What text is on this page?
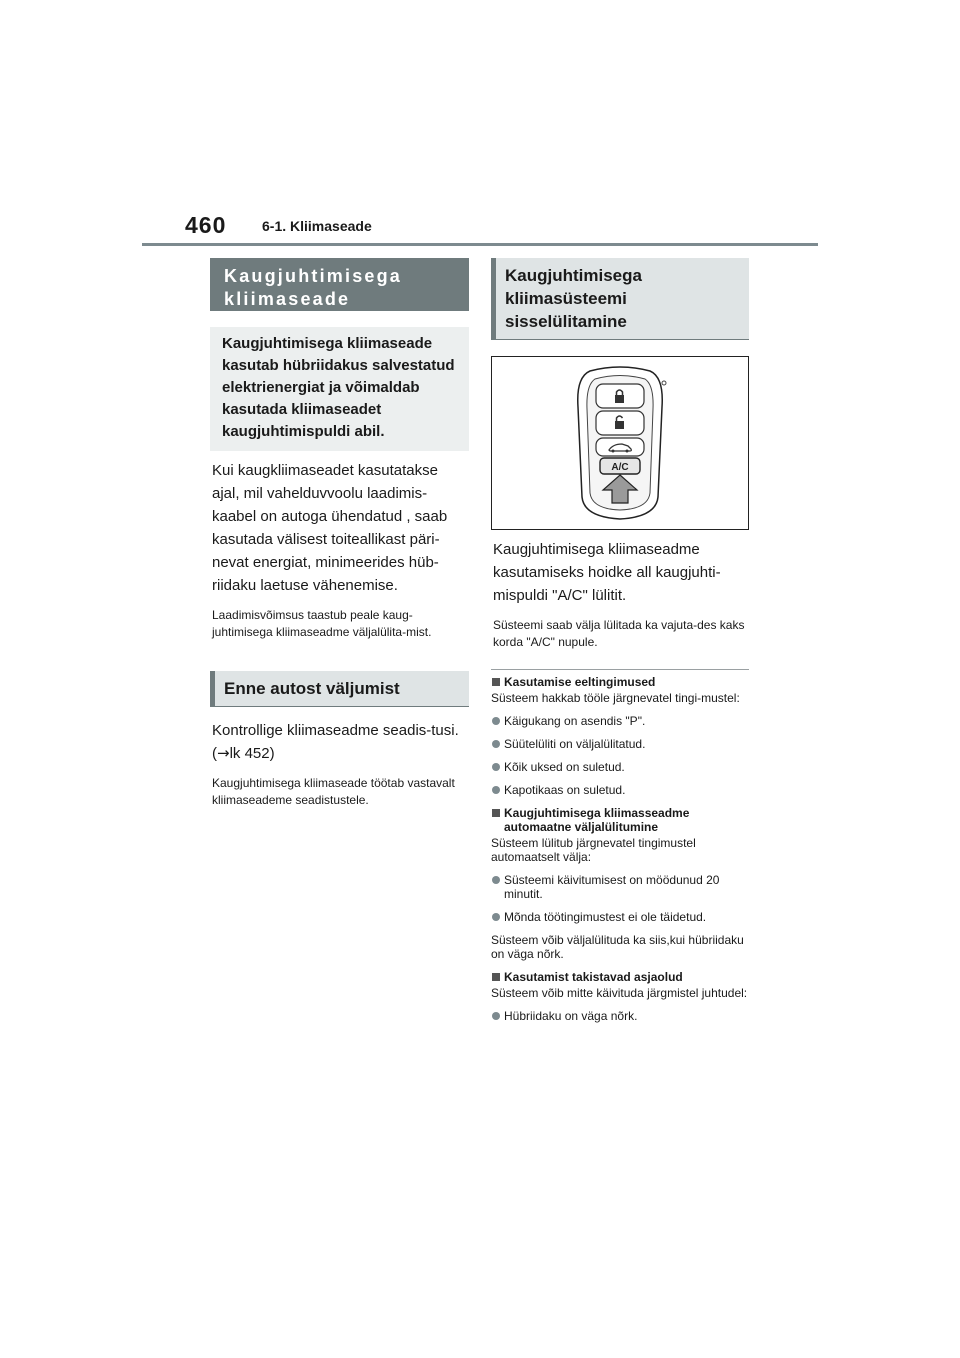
460	6-1. Kliimaseade
Kaugjuhtimisega kliimaseade
Kaugjuhtimisega kliimaseade kasutab hübriidakus salvestatud elektrienergiat ja võimaldab kasutada kliimaseadet kaugjuhtimispuldi abil.

Kui kaugkliimaseadet kasutatakse ajal, mil vahelduvvoolu laadimis-kaabel on autoga ühendatud , saab kasutada välisest toiteallikast päri-nevat energiat, minimeerides hüb-riidaku laetuse vähenemise.

Laadimisvõimsus taastub peale kaug-juhtimisega kliimaseadme väljalülita-mist.

Enne autost väljumist

Kontrollige kliimaseadme seadis-tusi. (→lk 452)

Kaugjuhtimisega kliimaseade töötab vastavalt kliimaseademe seadistustele.

Kaugjuhtimisega kliimasüsteemi sisselülitamine
A/C

Kaugjuhtimisega kliimaseadme kasutamiseks hoidke all kaugjuhti-mispuldi "A/C" lülitit.

Süsteemi saab välja lülitada ka vajuta-des kaks korda "A/C" nupule.

Kasutamise eeltingimused
Süsteem hakkab tööle järgnevatel tingi-mustel:
Käigukang on asendis "P".
Süütelüliti on väljalülitatud.
Kõik uksed on suletud.
Kapotikaas on suletud.
Kaugjuhtimisega kliimasseadme automaatne väljalülitumine
Süsteem lülitub järgnevatel tingimustel automaatselt välja:
Süsteemi käivitumisest on möödunud 20 minutit.
Mõnda töötingimustest ei ole täidetud.
Süsteem võib väljalülituda ka siis,kui hübriidaku on väga nõrk.
Kasutamist takistavad asjaolud
Süsteem võib mitte käivituda järgmistel juhtudel:
Hübriidaku on väga nõrk.
